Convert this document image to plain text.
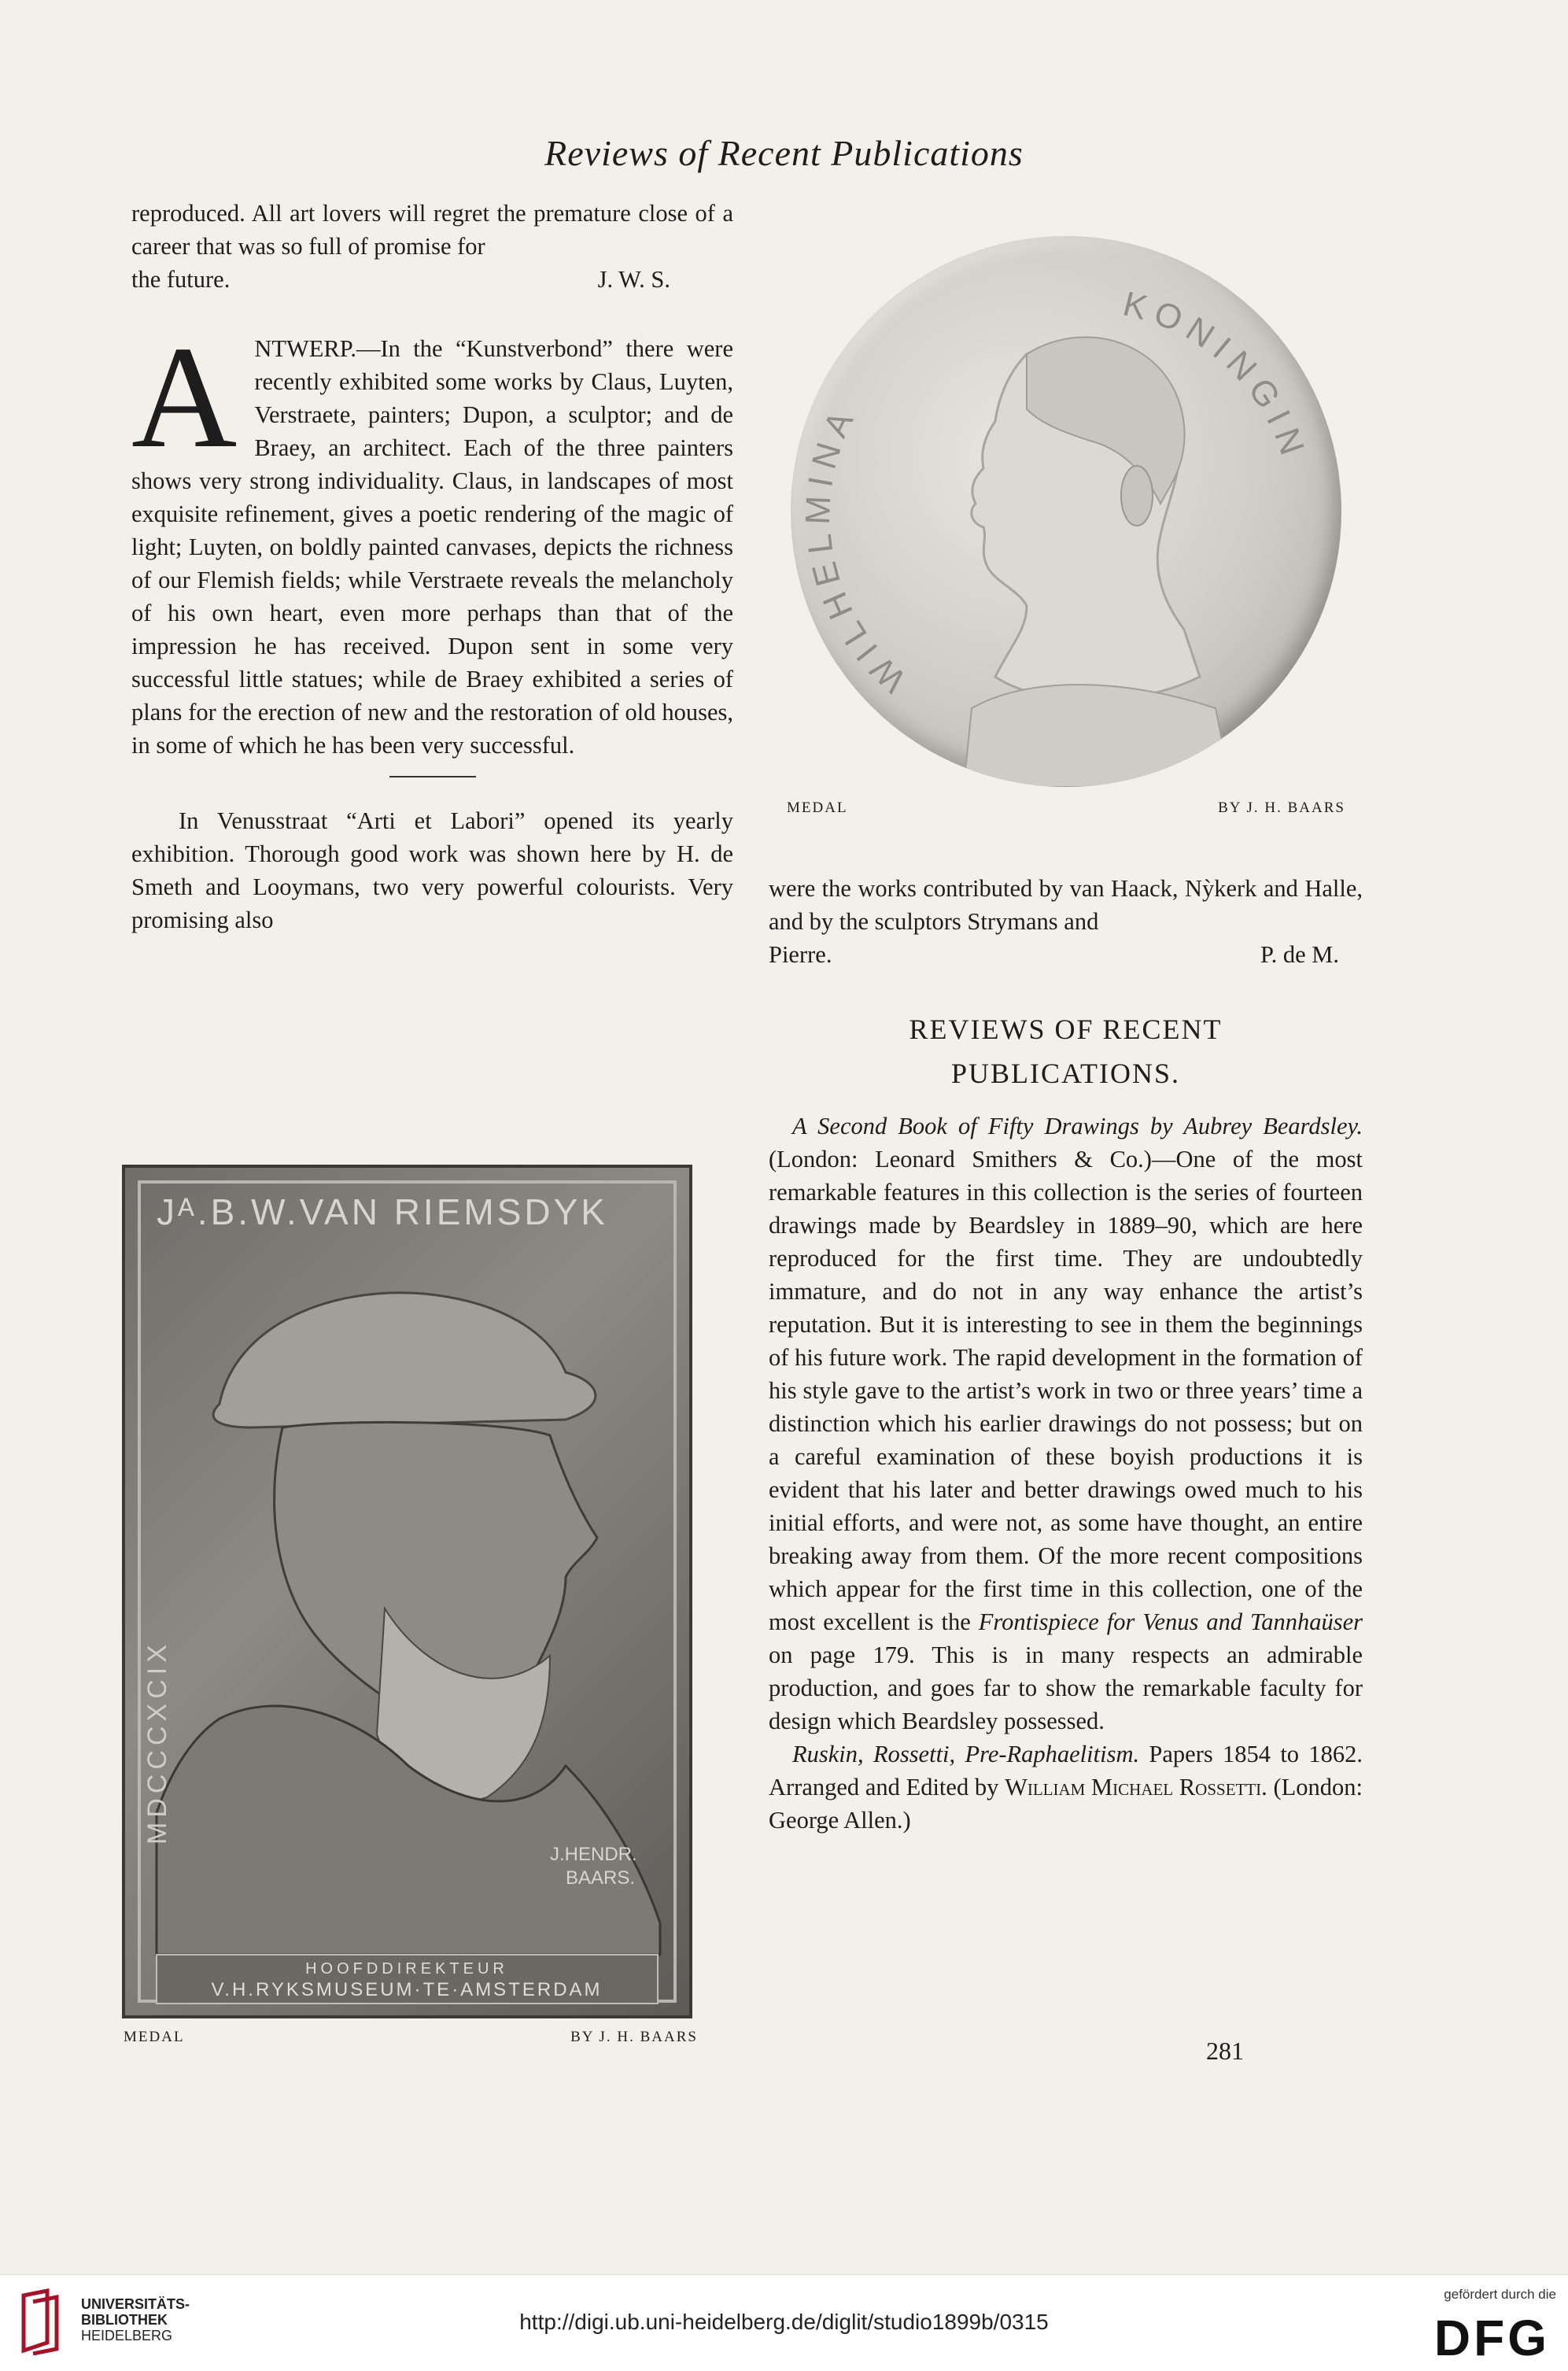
Reviews of Recent Publications

reproduced. All art lovers will regret the premature close of a career that was so full of promise for

the future.	J. W. S.

A NTWERP.—In the “Kunstverbond” there were recently exhibited some works by Claus, Luyten, Verstraete, painters; Dupon, a sculptor; and de Braey, an architect. Each of the three painters shows very strong individuality. Claus, in landscapes of most exquisite refinement, gives a poetic rendering of the magic of light; Luyten, on boldly painted canvases, depicts the richness of our Flemish fields; while Verstraete reveals the melancholy of his own heart, even more perhaps than that of the impression he has received. Dupon sent in some very successful little statues; while de Braey exhibited a series of plans for the erection of new and the restoration of old houses, in some of which he has been very successful.

In Venusstraat “Arti et Labori” opened its yearly exhibition. Thorough good work was shown here by H. de Smeth and Looymans, two very powerful colourists. Very promising also

WILHELMINA
KONINGIN
MEDAL	BY J. H. BAARS

were the works contributed by van Haack, Nỳkerk and Halle, and by the sculptors Strymans and

Pierre.	P. de M.

REVIEWS OF RECENT
PUBLICATIONS.

A Second Book of Fifty Drawings by Aubrey Beardsley. (London: Leonard Smithers & Co.)—One of the most remarkable features in this collection is the series of fourteen drawings made by Beardsley in 1889–90, which are here reproduced for the first time. They are undoubtedly immature, and do not in any way enhance the artist’s reputation. But it is interesting to see in them the beginnings of his future work. The rapid development in the formation of his style gave to the artist’s work in two or three years’ time a distinction which his earlier drawings do not possess; but on a careful examination of these boyish productions it is evident that his later and better drawings owed much to his initial efforts, and were not, as some have thought, an entire breaking away from them. Of the more recent compositions which appear for the first time in this collection, one of the most excellent is the Frontispiece for Venus and Tannhaüser on page 179. This is in many respects an admirable production, and goes far to show the remarkable faculty for design which Beardsley possessed.

Ruskin, Rossetti, Pre-Raphaelitism. Papers 1854 to 1862. Arranged and Edited by William Michael Rossetti. (London: George Allen.)

Jᴬ.B.W.VAN RIEMSDYK
MDCCCXCIX
J.HENDR.
BAARS.
HOOFDDIREKTEUR
V.H.RYKSMUSEUM·TE·AMSTERDAM
MEDAL	BY J. H. BAARS	281
UNIVERSITÄTS-
BIBLIOTHEK
HEIDELBERG
http://digi.ub.uni-heidelberg.de/diglit/studio1899b/0315
gefördert durch die
DFG
